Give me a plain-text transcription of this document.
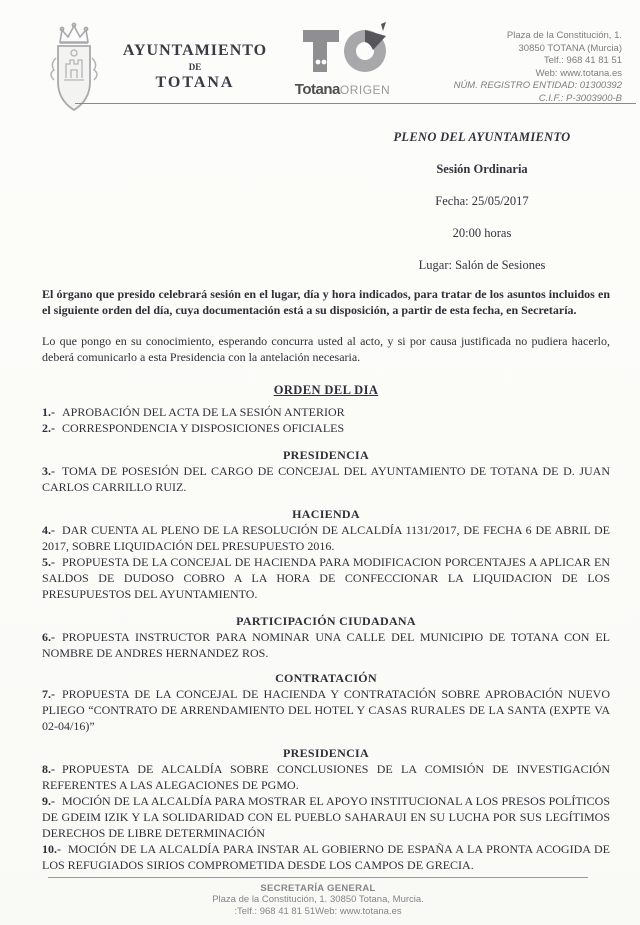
AYUNTAMIENTO
DE
TOTANA	TotanaORIGEN
Plaza de la Constitución, 1.
30850 TOTANA (Murcia)
Telf.: 968 41 81 51
Web: www.totana.es
NÚM. REGISTRO ENTIDAD: 01300392
C.I.F.: P-3003900-B
PLENO DEL AYUNTAMIENTO
Sesión Ordinaria
Fecha: 25/05/2017
20:00 horas
Lugar: Salón de Sesiones
El órgano que presido celebrará sesión en el lugar, día y hora indicados, para tratar de los asuntos incluidos en el siguiente orden del día, cuya documentación está a su disposición, a partir de esta fecha, en Secretaría.
Lo que pongo en su conocimiento, esperando concurra usted al acto, y si por causa justificada no pudiera hacerlo, deberá comunicarlo a esta Presidencia con la antelación necesaria.
ORDEN DEL DIA
1.- APROBACIÓN DEL ACTA DE LA SESIÓN ANTERIOR
2.- CORRESPONDENCIA Y DISPOSICIONES OFICIALES
PRESIDENCIA
3.- TOMA DE POSESIÓN DEL CARGO DE CONCEJAL DEL AYUNTAMIENTO DE TOTANA DE D. JUAN CARLOS CARRILLO RUIZ.
HACIENDA
4.- DAR CUENTA AL PLENO DE LA RESOLUCIÓN DE ALCALDÍA 1131/2017, DE FECHA 6 DE ABRIL DE 2017, SOBRE LIQUIDACIÓN DEL PRESUPUESTO 2016.
5.- PROPUESTA DE LA CONCEJAL DE HACIENDA PARA MODIFICACION PORCENTAJES A APLICAR EN SALDOS DE DUDOSO COBRO A LA HORA DE CONFECCIONAR LA LIQUIDACION DE LOS PRESUPUESTOS DEL AYUNTAMIENTO.
PARTICIPACIÓN CIUDADANA
6.- PROPUESTA INSTRUCTOR PARA NOMINAR UNA CALLE DEL MUNICIPIO DE TOTANA CON EL NOMBRE DE ANDRES HERNANDEZ ROS.
CONTRATACIÓN
7.- PROPUESTA DE LA CONCEJAL DE HACIENDA Y CONTRATACIÓN SOBRE APROBACIÓN NUEVO PLIEGO “CONTRATO DE ARRENDAMIENTO DEL HOTEL Y CASAS RURALES DE LA SANTA (EXPTE VA 02-04/16)”
PRESIDENCIA
8.- PROPUESTA DE ALCALDÍA SOBRE CONCLUSIONES DE LA COMISIÓN DE INVESTIGACIÓN REFERENTES A LAS ALEGACIONES DE PGMO.
9.- MOCIÓN DE LA ALCALDÍA PARA MOSTRAR EL APOYO INSTITUCIONAL A LOS PRESOS POLÍTICOS DE GDEIM IZIK Y LA SOLIDARIDAD CON EL PUEBLO SAHARAUI EN SU LUCHA POR SUS LEGÍTIMOS DERECHOS DE LIBRE DETERMINACIÓN
10.- MOCIÓN DE LA ALCALDÍA PARA INSTAR AL GOBIERNO DE ESPAÑA A LA PRONTA ACOGIDA DE LOS REFUGIADOS SIRIOS COMPROMETIDA DESDE LOS CAMPOS DE GRECIA.
SECRETARÍA GENERAL
Plaza de la Constitución, 1. 30850 Totana, Murcia.
:Telf.: 968 41 81 51Web: www.totana.es
